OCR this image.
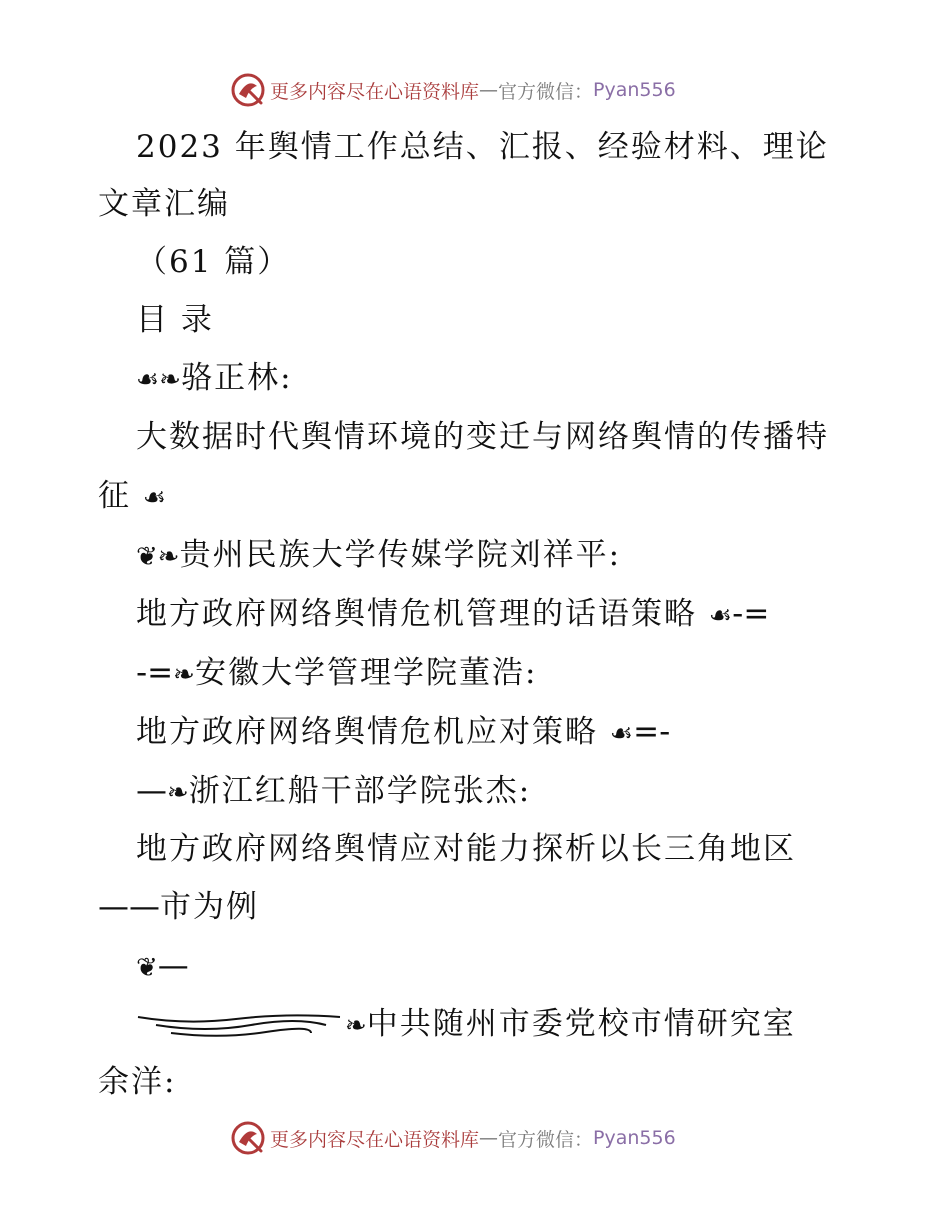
更多内容尽在心语资料库 — 官方微信： Pyan556
2023 年舆情工作总结、汇报、经验材料、理论
文章汇编
（61 篇）
目 录
☙❧骆正林:
大数据时代舆情环境的变迁与网络舆情的传播特
征 ☙
❦❧贵州民族大学传媒学院刘祥平:
地方政府网络舆情危机管理的话语策略 ☙-=
-=❧安徽大学管理学院董浩:
地方政府网络舆情危机应对策略 ☙=-
—❧浙江红船干部学院张杰:
地方政府网络舆情应对能力探析以长三角地区
——市为例
❦—
❧中共随州市委党校市情研究室
余洋:
更多内容尽在心语资料库 — 官方微信： Pyan556
